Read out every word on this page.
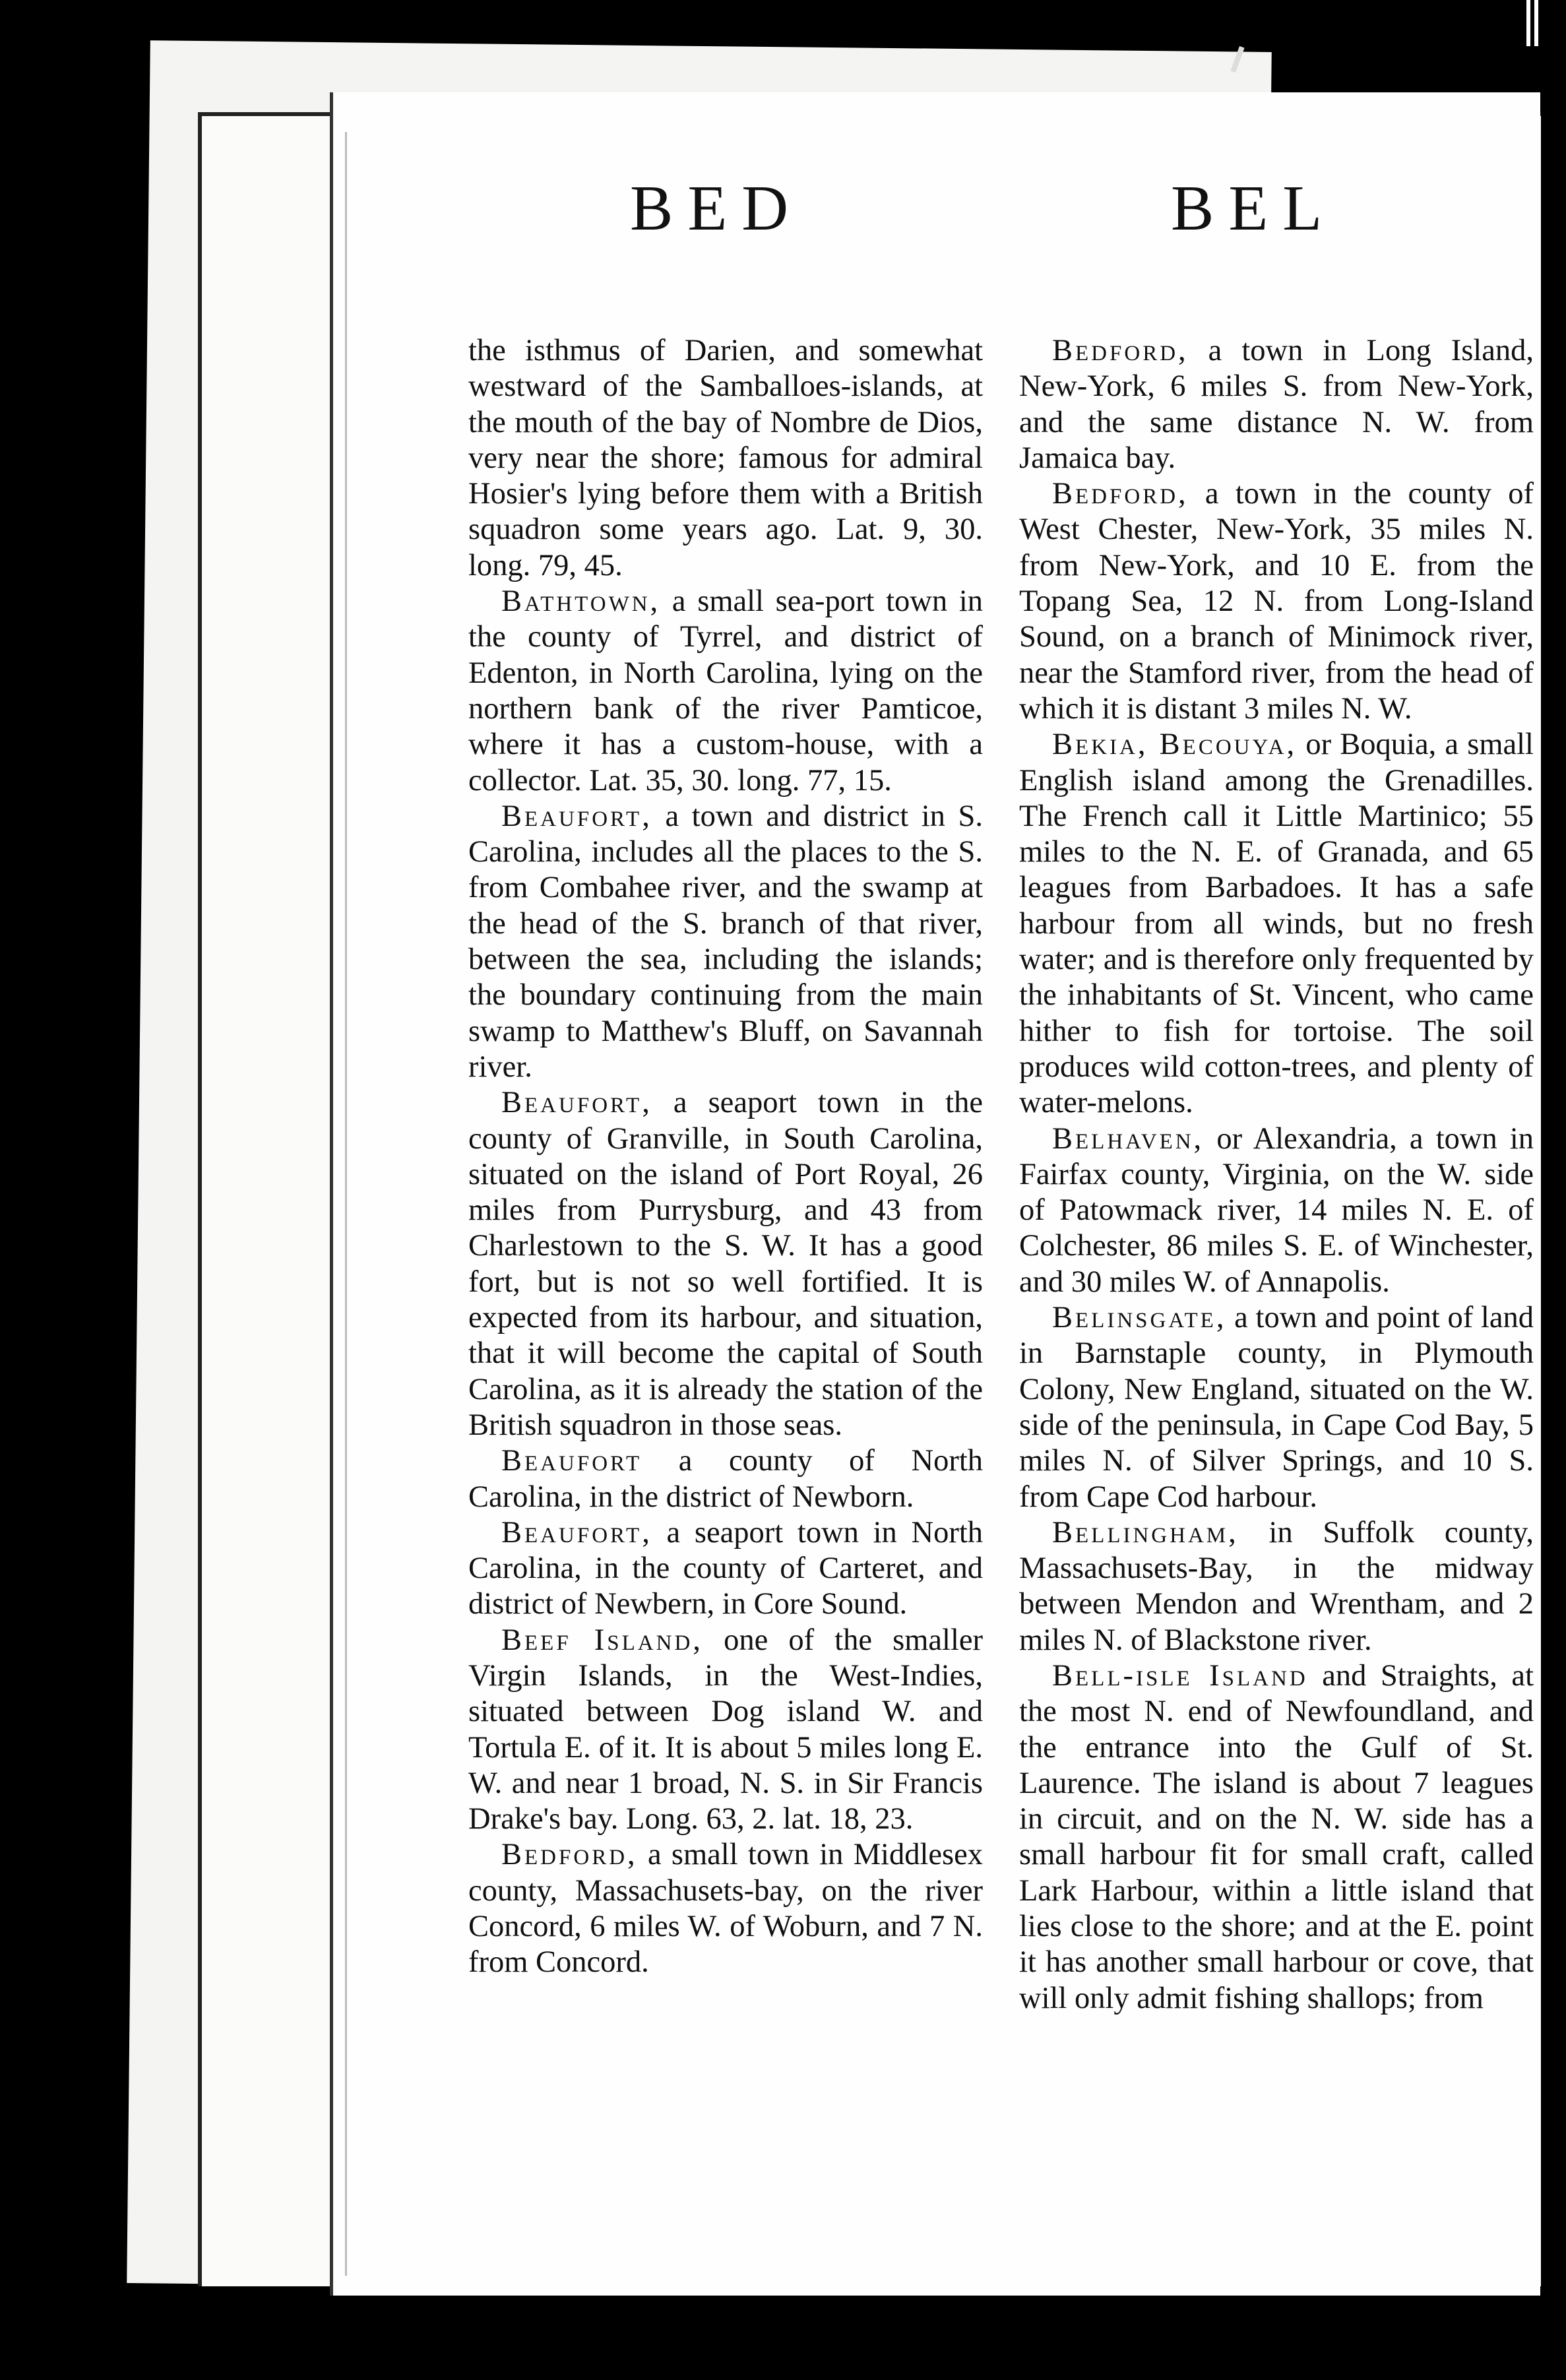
BED	BEL

the isthmus of Darien, and somewhat westward of the Samballoes-islands, at the mouth of the bay of Nombre de Dios, very near the shore; famous for admiral Hosier's lying before them with a British squadron some years ago. Lat. 9, 30. long. 79, 45.

Bathtown, a small sea-port town in the county of Tyrrel, and district of Edenton, in North Carolina, lying on the northern bank of the river Pamticoe, where it has a custom-house, with a collector. Lat. 35, 30. long. 77, 15.

Beaufort, a town and district in S. Carolina, includes all the places to the S. from Combahee river, and the swamp at the head of the S. branch of that river, between the sea, including the islands; the boundary continuing from the main swamp to Matthew's Bluff, on Savannah river.

Beaufort, a seaport town in the county of Granville, in South Carolina, situated on the island of Port Royal, 26 miles from Purrysburg, and 43 from Charlestown to the S. W. It has a good fort, but is not so well fortified. It is expected from its harbour, and situation, that it will become the capital of South Carolina, as it is already the station of the British squadron in those seas.

Beaufort a county of North Carolina, in the district of Newborn.

Beaufort, a seaport town in North Carolina, in the county of Carteret, and district of Newbern, in Core Sound.

Beef Island, one of the smaller Virgin Islands, in the West-Indies, situated between Dog island W. and Tortula E. of it. It is about 5 miles long E. W. and near 1 broad, N. S. in Sir Francis Drake's bay. Long. 63, 2. lat. 18, 23.

Bedford, a small town in Middlesex county, Massachusets-bay, on the river Concord, 6 miles W. of Woburn, and 7 N. from Concord.

Bedford, a town in Long Island, New-York, 6 miles S. from New-York, and the same distance N. W. from Jamaica bay.

Bedford, a town in the county of West Chester, New-York, 35 miles N. from New-York, and 10 E. from the Topang Sea, 12 N. from Long-Island Sound, on a branch of Minimock river, near the Stamford river, from the head of which it is distant 3 miles N. W.

Bekia, Becouya, or Boquia, a small English island among the Grenadilles. The French call it Little Martinico; 55 miles to the N. E. of Granada, and 65 leagues from Barbadoes. It has a safe harbour from all winds, but no fresh water; and is therefore only frequented by the inhabitants of St. Vincent, who came hither to fish for tortoise. The soil produces wild cotton-trees, and plenty of water-melons.

Belhaven, or Alexandria, a town in Fairfax county, Virginia, on the W. side of Patowmack river, 14 miles N. E. of Colchester, 86 miles S. E. of Winchester, and 30 miles W. of Annapolis.

Belinsgate, a town and point of land in Barnstaple county, in Plymouth Colony, New England, situated on the W. side of the peninsula, in Cape Cod Bay, 5 miles N. of Silver Springs, and 10 S. from Cape Cod harbour.

Bellingham, in Suffolk county, Massachusets-Bay, in the midway between Mendon and Wrentham, and 2 miles N. of Blackstone river.

Bell-isle Island and Straights, at the most N. end of Newfoundland, and the entrance into the Gulf of St. Laurence. The island is about 7 leagues in circuit, and on the N. W. side has a small harbour fit for small craft, called Lark Harbour, within a little island that lies close to the shore; and at the E. point it has another small harbour or cove, that will only admit fishing shallops; from
